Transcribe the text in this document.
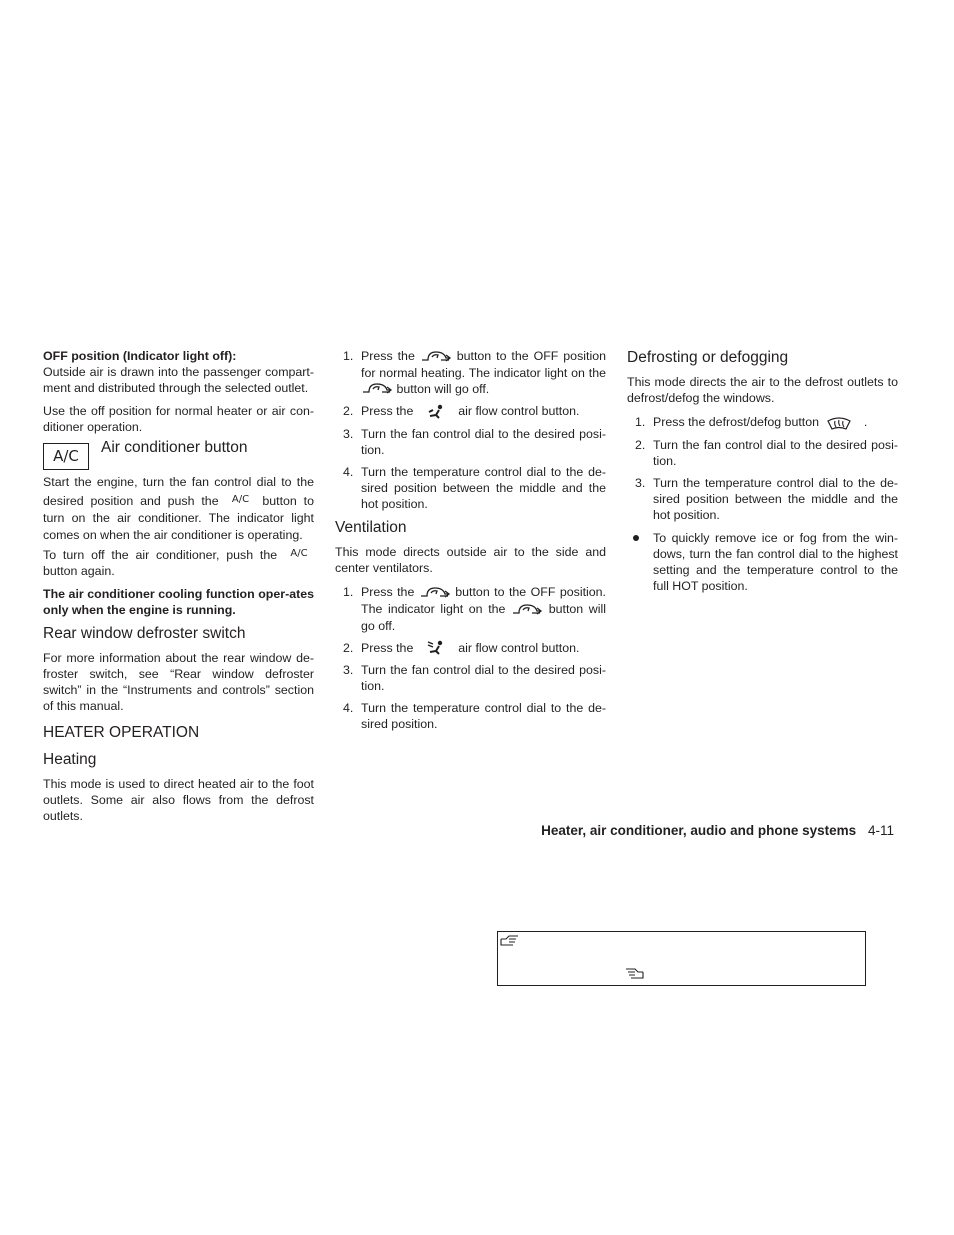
OFF position (Indicator light off):

Outside air is drawn into the passenger compart-ment and distributed through the selected outlet.

Use the off position for normal heater or air con-ditioner operation.

A/C	Air conditioner button

Start the engine, turn the fan control dial to the desired position and push the A/C button to turn on the air conditioner. The indicator light comes on when the air conditioner is operating.

To turn off the air conditioner, push the A/C button again.

The air conditioner cooling function oper-ates only when the engine is running.

Rear window defroster switch

For more information about the rear window de-froster switch, see “Rear window defroster switch” in the “Instruments and controls” section of this manual.

HEATER OPERATION
Heating

This mode is used to direct heated air to the foot outlets. Some air also flows from the defrost outlets.

1. Press the	button to the OFF position for normal heating. The indicator light on the  button will go off.
2. Press the	air flow control button.
3. Turn the fan control dial to the desired posi-tion.
4. Turn the temperature control dial to the de-sired position between the middle and the hot position.
Ventilation

This mode directs outside air to the side and center ventilators.

1. Press the	button to the OFF position. The indicator light on the	button will go off.
2. Press the	air flow control button.
3. Turn the fan control dial to the desired posi-tion.
4. Turn the temperature control dial to the de-sired position.
Defrosting or defogging

This mode directs the air to the defrost outlets to defrost/defog the windows.

1. Press the defrost/defog button	.
2. Turn the fan control dial to the desired posi-tion.
3. Turn the temperature control dial to the de-sired position between the middle and the hot position.
To quickly remove ice or fog from the win-dows, turn the fan control dial to the highest setting and the temperature control to the full HOT position.
Heater, air conditioner, audio and phone systems 4-11
